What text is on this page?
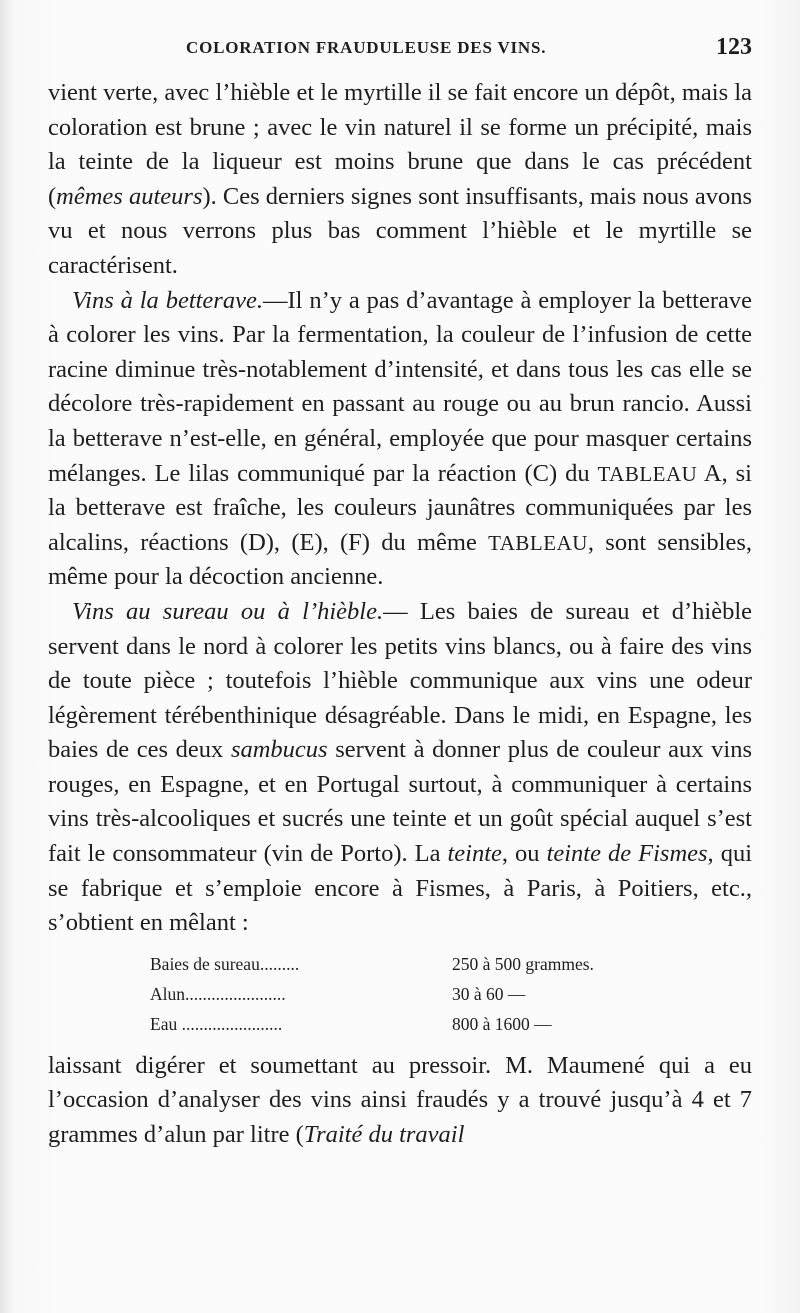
COLORATION FRAUDULEUSE DES VINS.	123

vient verte, avec l’hièble et le myrtille il se fait encore un dépôt, mais la coloration est brune ; avec le vin naturel il se forme un précipité, mais la teinte de la liqueur est moins brune que dans le cas précédent (mêmes auteurs). Ces derniers signes sont insuffisants, mais nous avons vu et nous verrons plus bas comment l’hièble et le myrtille se caractérisent.

Vins à la betterave.—Il n’y a pas d’avantage à employer la betterave à colorer les vins. Par la fermentation, la couleur de l’infusion de cette racine diminue très-notablement d’intensité, et dans tous les cas elle se décolore très-rapidement en passant au rouge ou au brun rancio. Aussi la betterave n’est-elle, en général, employée que pour masquer certains mélanges. Le lilas communiqué par la réaction (C) du TABLEAU A, si la betterave est fraîche, les couleurs jaunâtres communiquées par les alcalins, réactions (D), (E), (F) du même TABLEAU, sont sensibles, même pour la décoction ancienne.

Vins au sureau ou à l’hièble.— Les baies de sureau et d’hièble servent dans le nord à colorer les petits vins blancs, ou à faire des vins de toute pièce ; toutefois l’hièble communique aux vins une odeur légèrement térébenthinique désagréable. Dans le midi, en Espagne, les baies de ces deux sambucus servent à donner plus de couleur aux vins rouges, en Espagne, et en Portugal surtout, à communiquer à certains vins très-alcooliques et sucrés une teinte et un goût spécial auquel s’est fait le consommateur (vin de Porto). La teinte, ou teinte de Fismes, qui se fabrique et s’emploie encore à Fismes, à Paris, à Poitiers, etc., s’obtient en mêlant :

Baies de sureau.........	250 à 500 grammes.
Alun.......................	30 à 60 —
Eau .......................	800 à 1600 —

laissant digérer et soumettant au pressoir. M. Maumené qui a eu l’occasion d’analyser des vins ainsi fraudés y a trouvé jusqu’à 4 et 7 grammes d’alun par litre (Traité du travail
